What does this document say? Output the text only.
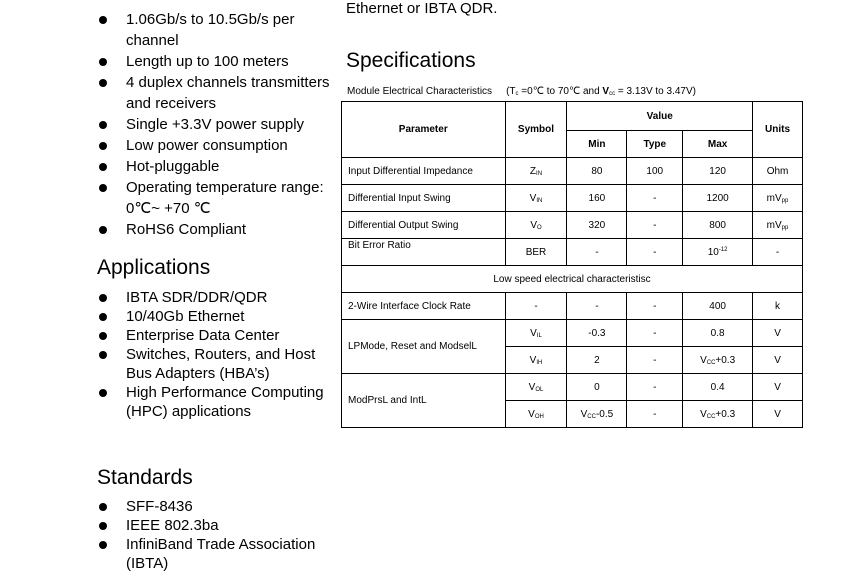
1.06Gb/s to 10.5Gb/s per channel
Length up to 100 meters
4 duplex channels transmitters and receivers
Single +3.3V power supply
Low power consumption
Hot-pluggable
Operating temperature range: 0℃~ +70 ℃
RoHS6 Compliant
Applications
IBTA SDR/DDR/QDR
10/40Gb Ethernet
Enterprise Data Center
Switches, Routers, and Host Bus Adapters (HBA’s)
High Performance Computing (HPC) applications
Standards
SFF-8436
IEEE 802.3ba
InfiniBand Trade Association (IBTA)
Ethernet or IBTA QDR.
Specifications
Module Electrical Characteristics ($T_c$ =0℃ to 70℃ and $V_{cc} = 3.13V$ to 3.47V)
Parameter	Symbol	Value			Units
		Min	Type	Max	
Input Differential Impedance	$Z_{IN}$	80	100	120	Ohm
Differential Input Swing	$V_{IN}$	160	-	1200	$mV_{pp}$
Differential Output Swing	$V_O$	320	-	800	$mV_{pp}$
Bit Error Ratio	BER	-	-	$10^{-12}$	-
Low speed electrical characteristisc					
2-Wire Interface Clock Rate	-	-	-	400	k
LPMode, Reset and ModselL	$V_{IL}$	-0.3	-	0.8	V
	$V_{IH}$	2	-	$V_{CC}+0.3$	V
ModPrsL and IntL	$V_{OL}$	0	-	0.4	V
	$V_{OH}$	$V_{CC}-0.5$	-	$V_{CC}+0.3$	V
